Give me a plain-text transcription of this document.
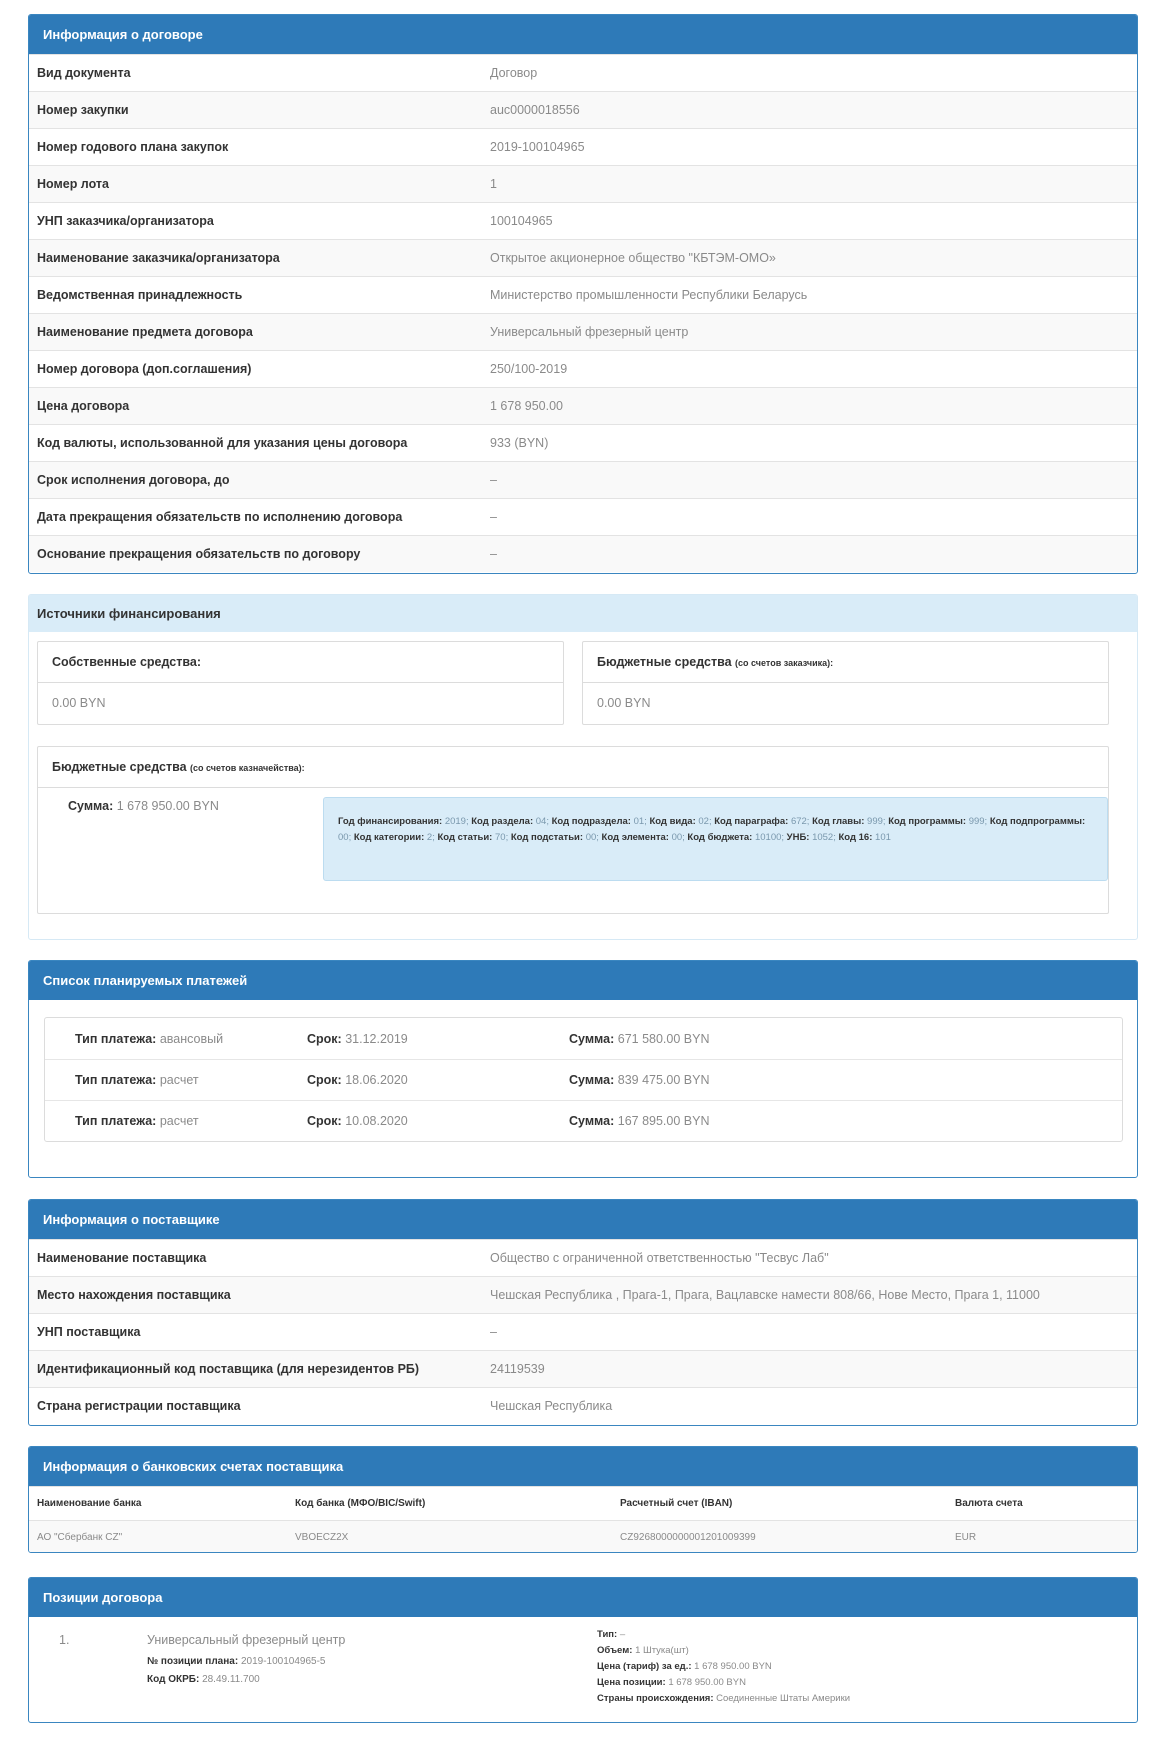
Информация о договоре
Вид документа	Договор
Номер закупки	auc0000018556
Номер годового плана закупок	2019-100104965
Номер лота	1
УНП заказчика/организатора	100104965
Наименование заказчика/организатора	Открытое акционерное общество "КБТЭМ-ОМО»
Ведомственная принадлежность	Министерство промышленности Республики Беларусь
Наименование предмета договора	Универсальный фрезерный центр
Номер договора (доп.соглашения)	250/100-2019
Цена договора	1 678 950.00
Код валюты, использованной для указания цены договора	933 (BYN)
Срок исполнения договора, до	–
Дата прекращения обязательств по исполнению договора	–
Основание прекращения обязательств по договору	–
Источники финансирования
Собственные средства:
0.00 BYN
Бюджетные средства (со счетов заказчика):
0.00 BYN
Бюджетные средства (со счетов казначейства):
Сумма: 1 678 950.00 BYN
Год финансирования: 2019; Код раздела: 04; Код подраздела: 01; Код вида: 02; Код параграфа: 672; Код главы: 999; Код программы: 999; Код подпрограммы: 00; Код категории: 2; Код статьи: 70; Код подстатьи: 00; Код элемента: 00; Код бюджета: 10100; УНБ: 1052; Код 16: 101
Список планируемых платежей
Тип платежа: авансовый	Срок: 31.12.2019	Сумма: 671 580.00 BYN
Тип платежа: расчет	Срок: 18.06.2020	Сумма: 839 475.00 BYN
Тип платежа: расчет	Срок: 10.08.2020	Сумма: 167 895.00 BYN
Информация о поставщике
Наименование поставщика	Общество с ограниченной ответственностью "Тесвус Лаб"
Место нахождения поставщика	Чешская Республика , Прага-1, Прага, Вацлавске намести 808/66, Нове Место, Прага 1, 11000
УНП поставщика	–
Идентификационный код поставщика (для нерезидентов РБ)	24119539
Страна регистрации поставщика	Чешская Республика
Информация о банковских счетах поставщика
Наименование банка	Код банка (МФО/BIC/Swift)	Расчетный счет (IBAN)	Валюта счета
АО "Сбербанк CZ"	VBOECZ2X	CZ9268000000001201009399	EUR
Позиции договора
1.	Универсальный фрезерный центр
№ позиции плана: 2019-100104965-5
Код ОКРБ: 28.49.11.700
Тип: –
Объем: 1 Штука(шт)
Цена (тариф) за ед.: 1 678 950.00 BYN
Цена позиции: 1 678 950.00 BYN
Страны происхождения: Соединенные Штаты Америки
